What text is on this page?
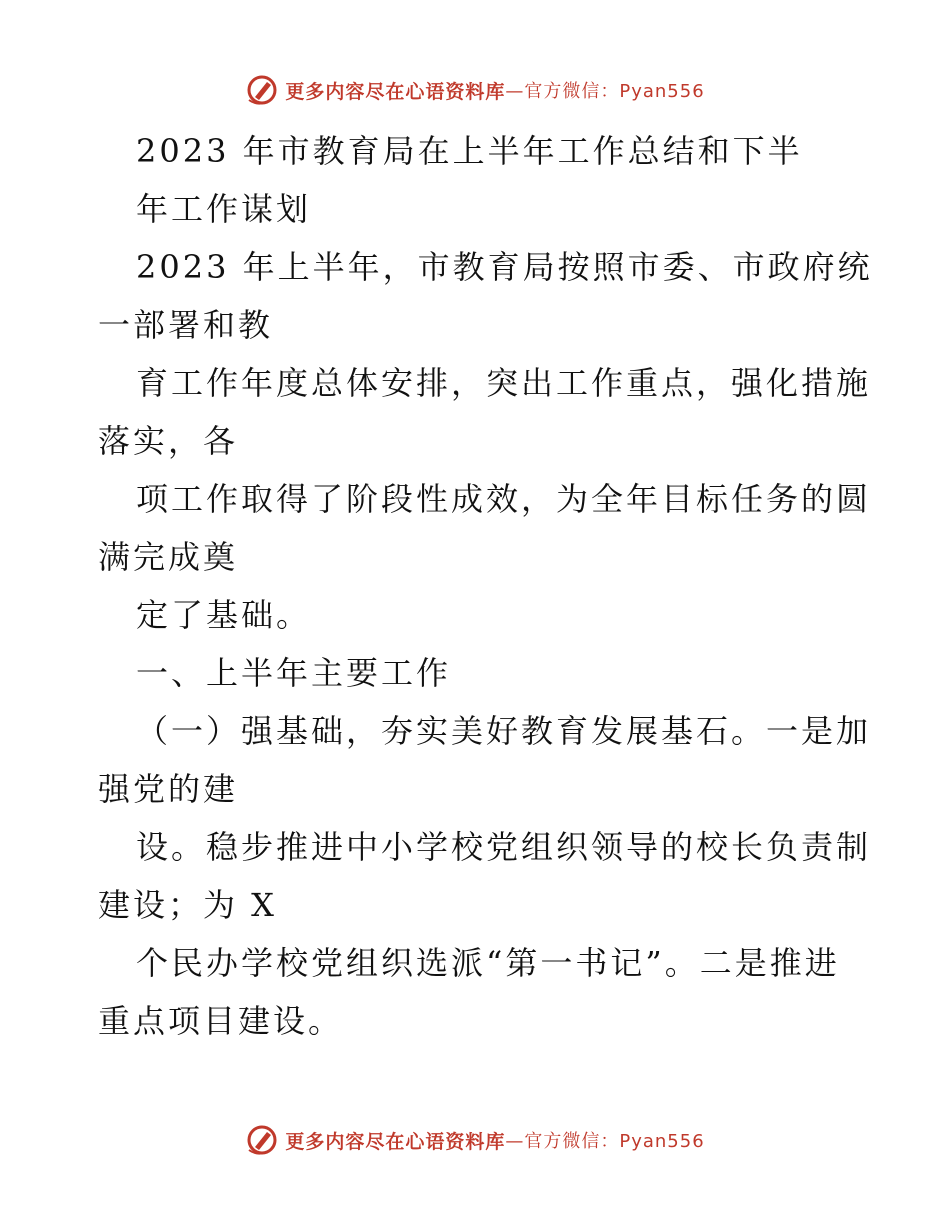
更多内容尽在心语资料库 —官方微信：Pyan556
2023 年市教育局在上半年工作总结和下半
年工作谋划
2023 年上半年，市教育局按照市委、市政府统
一部署和教
育工作年度总体安排，突出工作重点，强化措施
落实，各
项工作取得了阶段性成效，为全年目标任务的圆
满完成奠
定了基础。
一、上半年主要工作
（一）强基础，夯实美好教育发展基石。一是加
强党的建
设。稳步推进中小学校党组织领导的校长负责制
建设；为 X
个民办学校党组织选派“第一书记”。二是推进
重点项目建设。
更多内容尽在心语资料库 —官方微信：Pyan556
